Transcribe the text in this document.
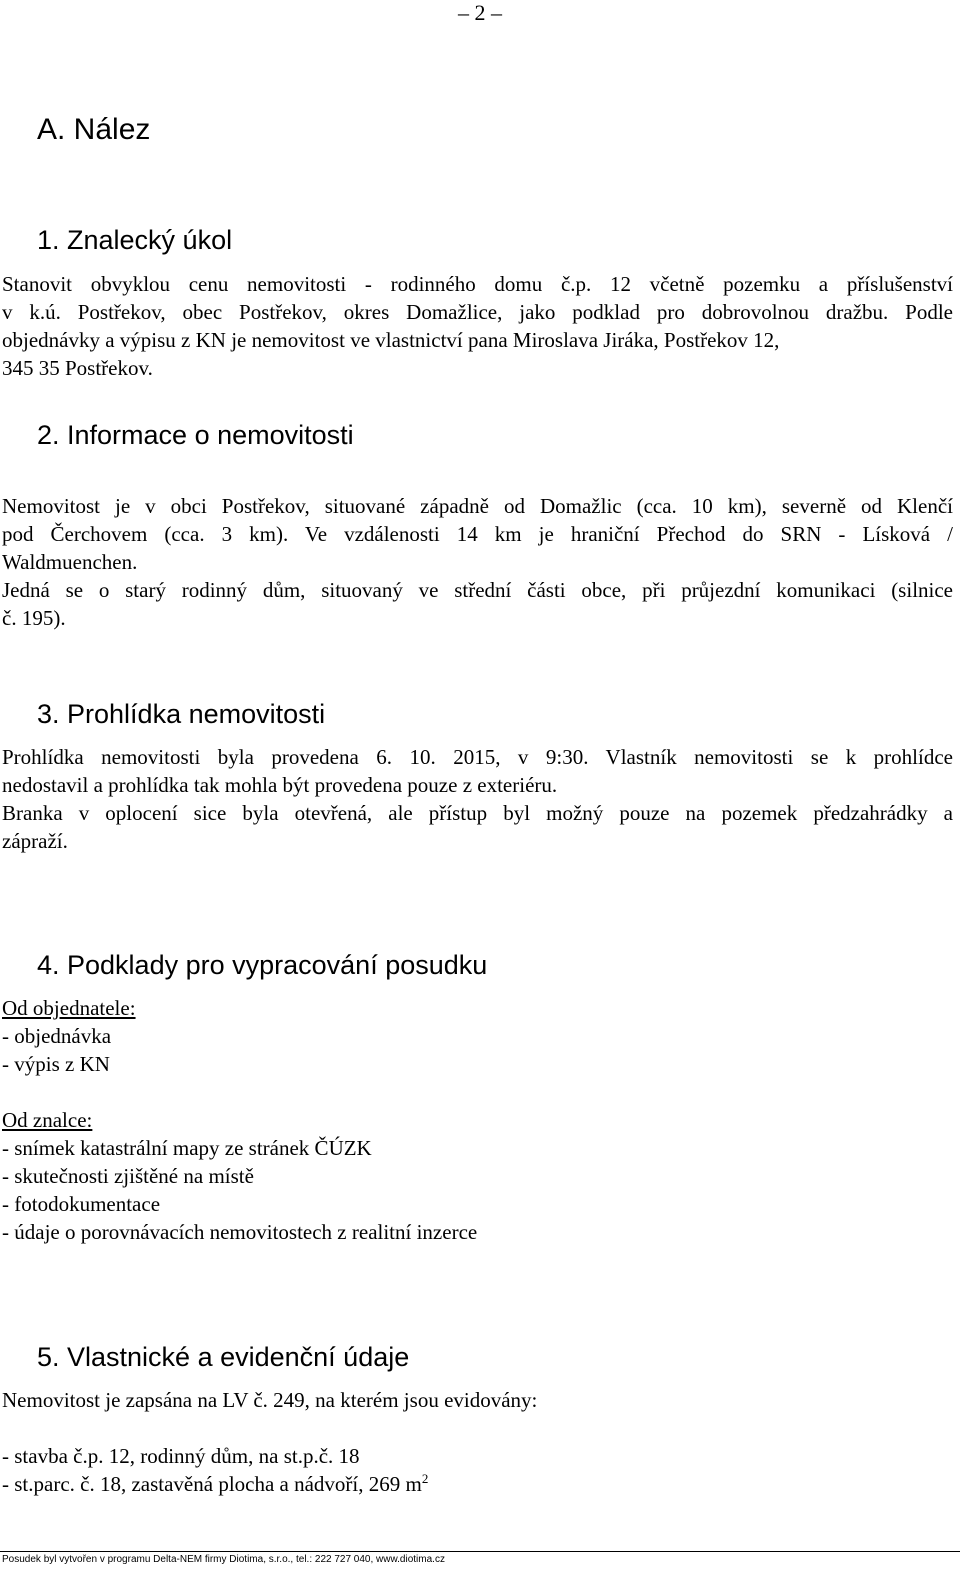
– 2 –
A. Nález
1. Znalecký úkol
Stanovit obvyklou cenu nemovitosti - rodinného domu č.p. 12 včetně pozemku a příslušenství
v k.ú. Postřekov, obec Postřekov, okres Domažlice, jako podklad pro dobrovolnou dražbu. Podle
objednávky a výpisu z KN je nemovitost ve vlastnictví pana Miroslava Jiráka, Postřekov 12,
345 35 Postřekov.
2. Informace o nemovitosti
Nemovitost je v obci Postřekov, situované západně od Domažlic (cca. 10 km), severně od Klenčí
pod Čerchovem (cca. 3 km). Ve vzdálenosti 14 km je hraniční Přechod do SRN - Lísková /
Waldmuenchen.
Jedná se o starý rodinný dům, situovaný ve střední části obce, při průjezdní komunikaci (silnice
č. 195).
3. Prohlídka nemovitosti
Prohlídka nemovitosti byla provedena 6. 10. 2015, v 9:30. Vlastník nemovitosti se k prohlídce
nedostavil a prohlídka tak mohla být provedena pouze z exteriéru.
Branka v oplocení sice byla otevřená, ale přístup byl možný pouze na pozemek předzahrádky a
zápraží.
4. Podklady pro vypracování posudku
Od objednatele:
- objednávka
- výpis z KN
Od znalce:
- snímek katastrální mapy ze stránek ČÚZK
- skutečnosti zjištěné na místě
- fotodokumentace
- údaje o porovnávacích nemovitostech z realitní inzerce
5. Vlastnické a evidenční údaje
Nemovitost je zapsána na LV č. 249, na kterém jsou evidovány:
- stavba č.p. 12, rodinný dům, na st.p.č. 18
- st.parc. č. 18, zastavěná plocha a nádvoří, 269 $m^2$
Posudek byl vytvořen v programu Delta-NEM firmy Diotima, s.r.o., tel.: 222 727 040, www.diotima.cz
